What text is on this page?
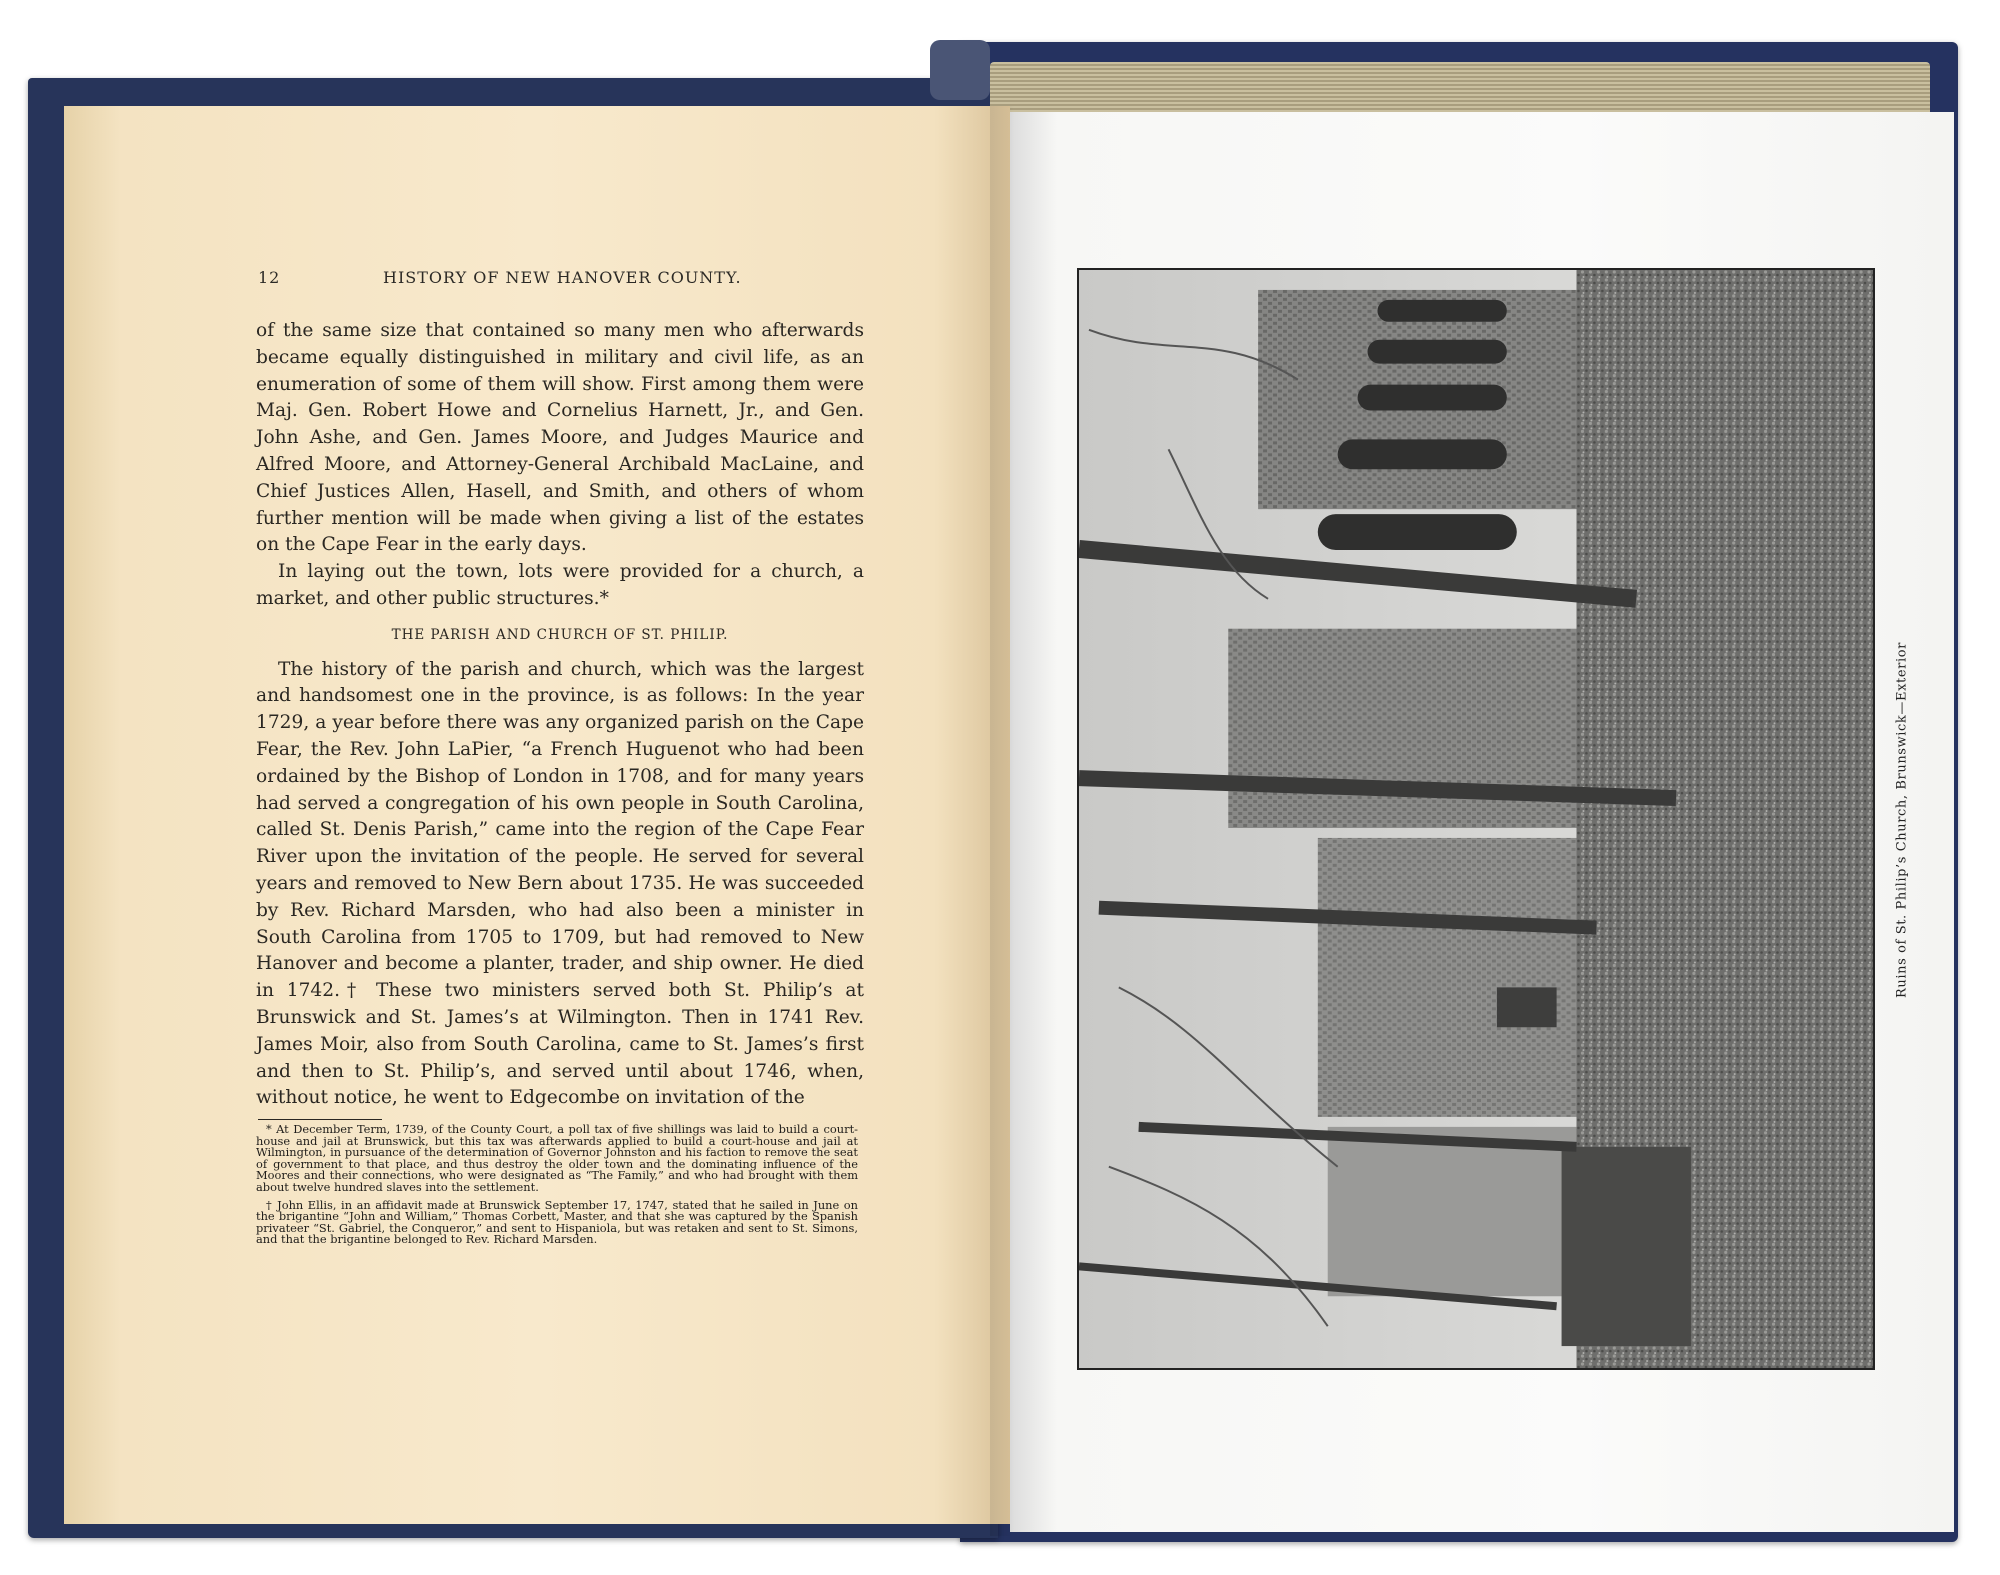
12	HISTORY OF NEW HANOVER COUNTY.

of the same size that contained so many men who afterwards became equally distinguished in military and civil life, as an enumeration of some of them will show. First among them were Maj. Gen. Robert Howe and Cornelius Harnett, Jr., and Gen. John Ashe, and Gen. James Moore, and Judges Maurice and Alfred Moore, and Attorney-General Archibald MacLaine, and Chief Justices Allen, Hasell, and Smith, and others of whom further mention will be made when giving a list of the estates on the Cape Fear in the early days.

In laying out the town, lots were provided for a church, a market, and other public structures.*

THE PARISH AND CHURCH OF ST. PHILIP.

The history of the parish and church, which was the largest and handsomest one in the province, is as follows: In the year 1729, a year before there was any organized parish on the Cape Fear, the Rev. John LaPier, “a French Huguenot who had been ordained by the Bishop of London in 1708, and for many years had served a congregation of his own people in South Carolina, called St. Denis Parish,” came into the region of the Cape Fear River upon the invitation of the people. He served for several years and removed to New Bern about 1735. He was succeeded by Rev. Richard Marsden, who had also been a minister in South Carolina from 1705 to 1709, but had removed to New Hanover and become a planter, trader, and ship owner. He died in 1742.† These two ministers served both St. Philip’s at Brunswick and St. James’s at Wilmington. Then in 1741 Rev. James Moir, also from South Carolina, came to St. James’s first and then to St. Philip’s, and served until about 1746, when, without notice, he went to Edgecombe on invitation of the

* At December Term, 1739, of the County Court, a poll tax of five shillings was laid to build a court-house and jail at Brunswick, but this tax was afterwards applied to build a court-house and jail at Wilmington, in pursuance of the determination of Governor Johnston and his faction to remove the seat of government to that place, and thus destroy the older town and the dominating influence of the Moores and their connections, who were designated as “The Family,” and who had brought with them about twelve hundred slaves into the settlement.

† John Ellis, in an affidavit made at Brunswick September 17, 1747, stated that he sailed in June on the brigantine “John and William,” Thomas Corbett, Master, and that she was captured by the Spanish privateer “St. Gabriel, the Conqueror,” and sent to Hispaniola, but was retaken and sent to St. Simons, and that the brigantine belonged to Rev. Richard Marsden.

Ruins of St. Philip’s Church, Brunswick—Exterior
